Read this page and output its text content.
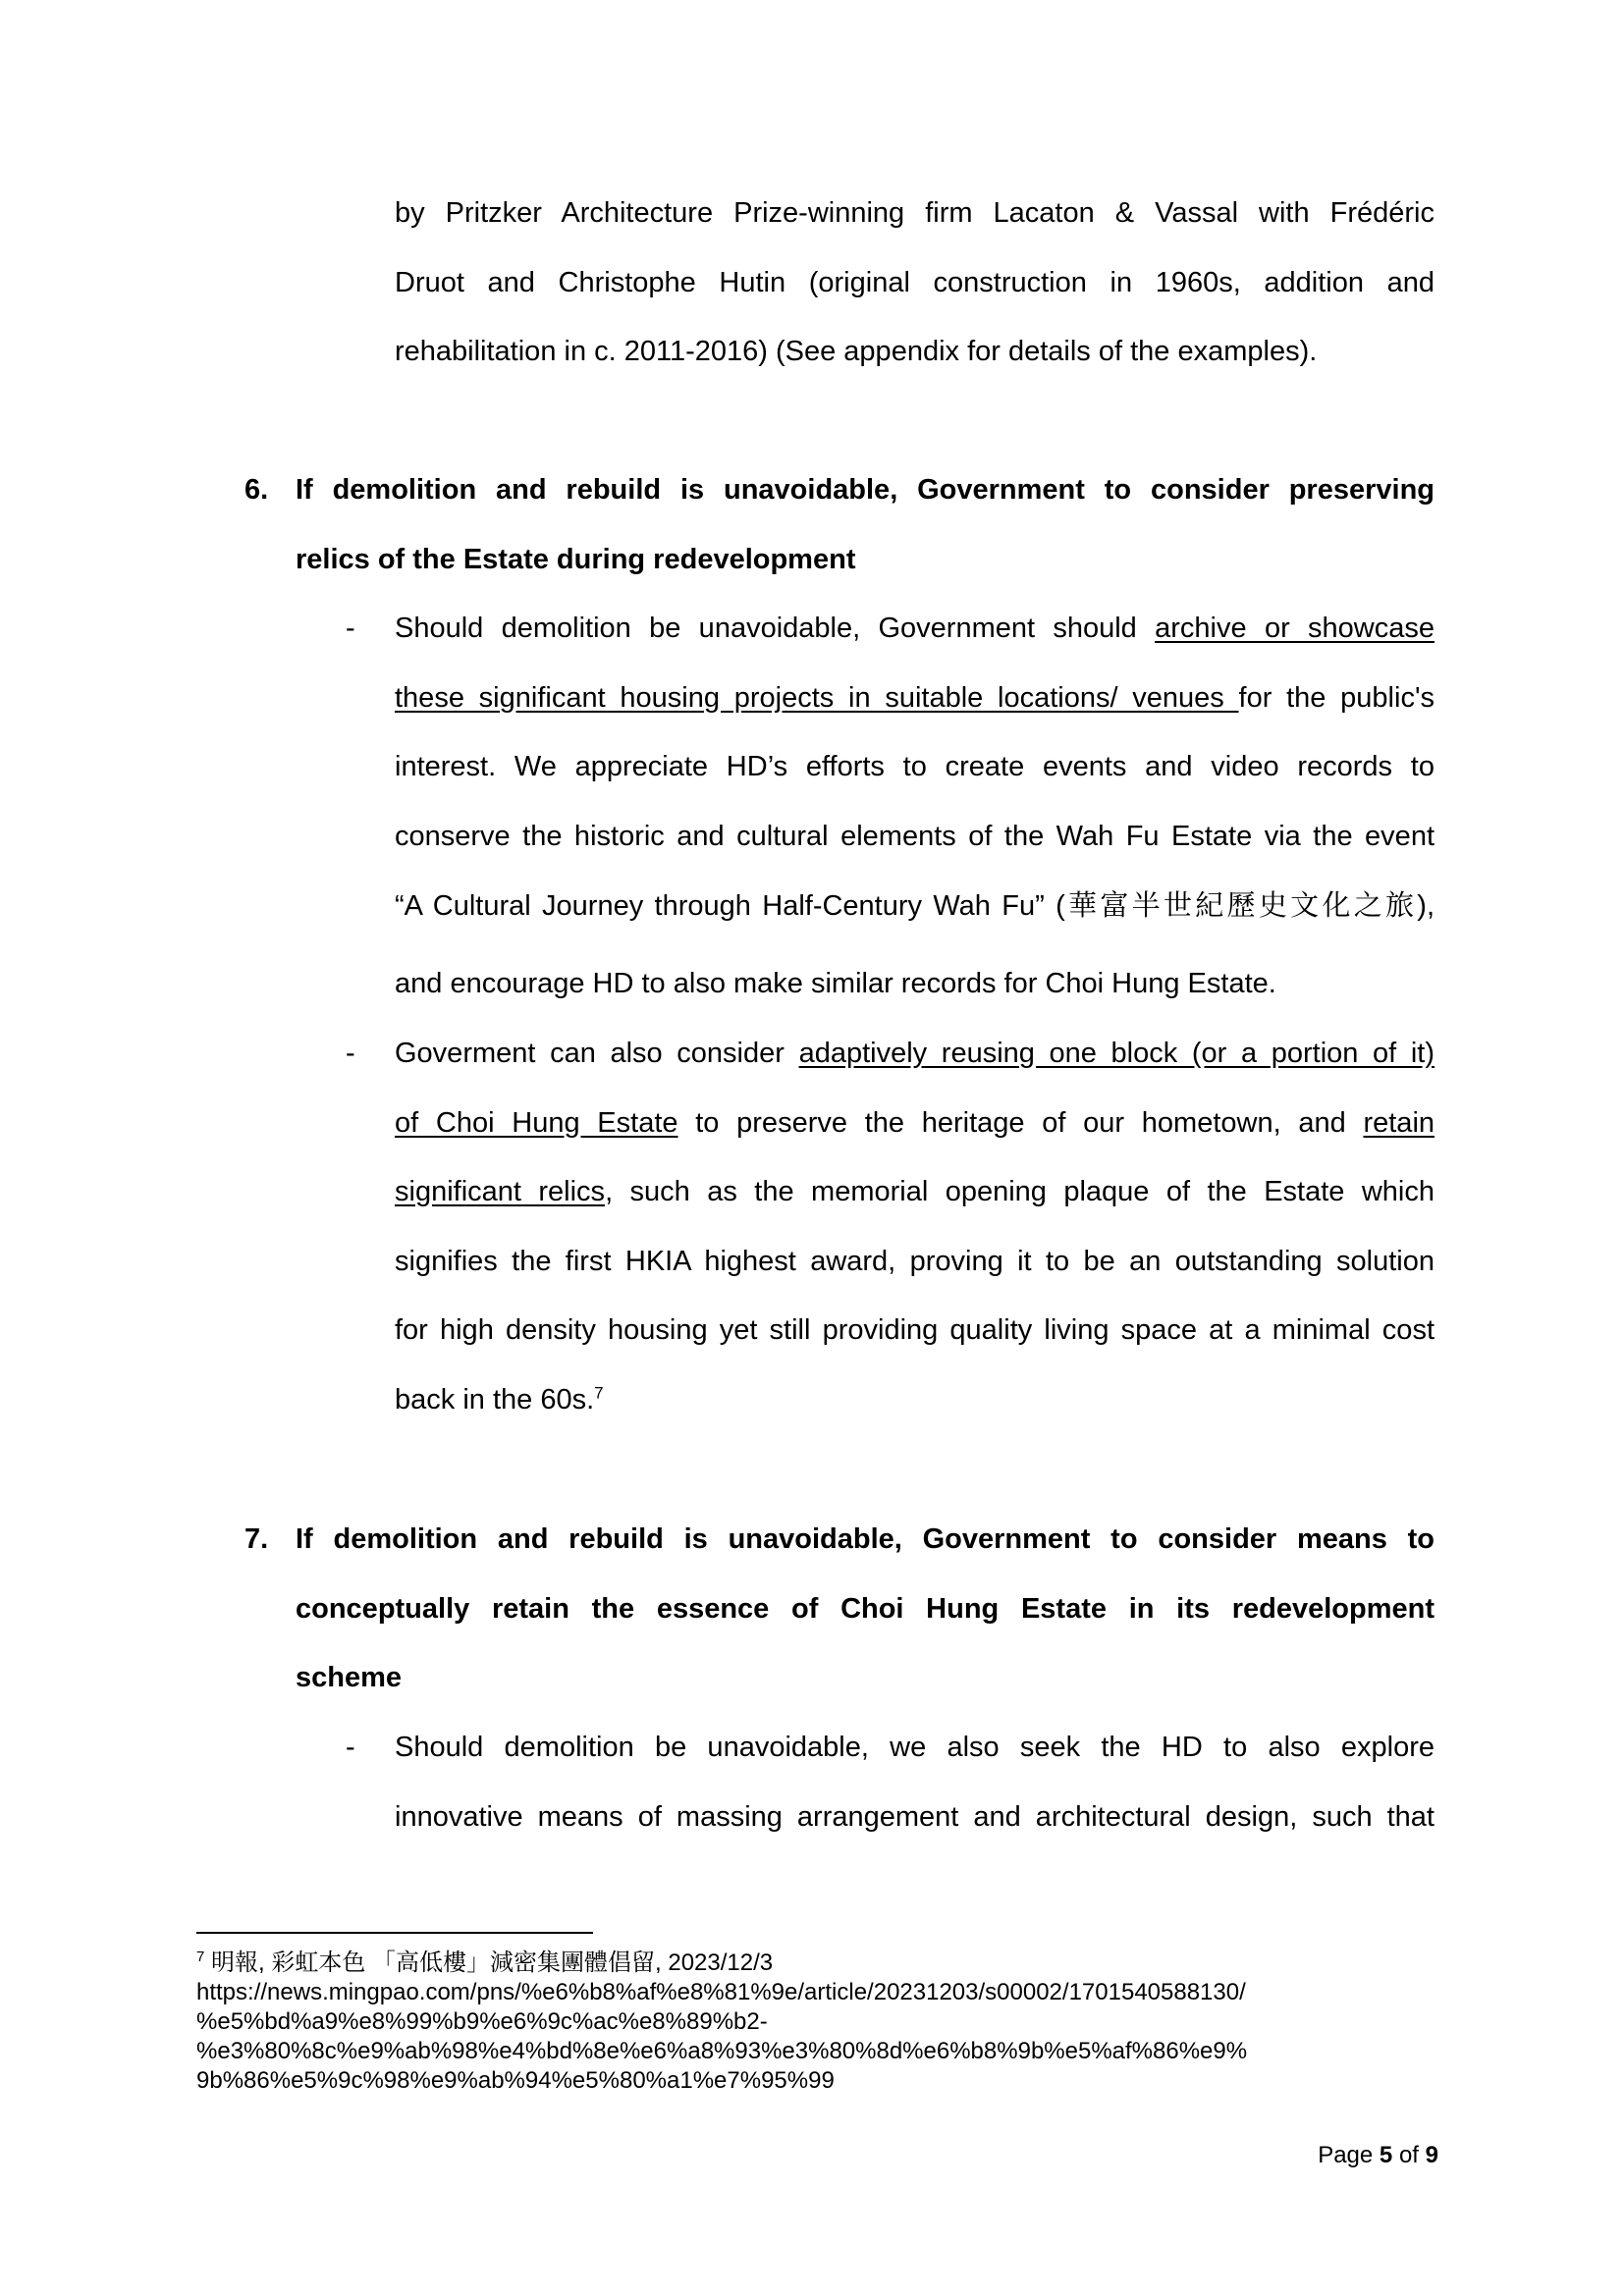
by Pritzker Architecture Prize-winning firm Lacaton & Vassal with Frédéric

Druot and Christophe Hutin (original construction in 1960s, addition and

rehabilitation in c. 2011-2016) (See appendix for details of the examples).

6. If demolition and rebuild is unavoidable, Government to consider preserving

relics of the Estate during redevelopment

- Should demolition be unavoidable, Government should archive or showcase

these significant housing projects in suitable locations/ venues for the public's

interest. We appreciate HD’s efforts to create events and video records to

conserve the historic and cultural elements of the Wah Fu Estate via the event

“A Cultural Journey through Half-Century Wah Fu” (華富半世紀歷史文化之旅),

and encourage HD to also make similar records for Choi Hung Estate.

- Goverment can also consider adaptively reusing one block (or a portion of it)

of Choi Hung Estate to preserve the heritage of our hometown, and retain

significant relics, such as the memorial opening plaque of the Estate which

signifies the first HKIA highest award, proving it to be an outstanding solution

for high density housing yet still providing quality living space at a minimal cost

back in the 60s.$^7$

7. If demolition and rebuild is unavoidable, Government to consider means to

conceptually retain the essence of Choi Hung Estate in its redevelopment

scheme

- Should demolition be unavoidable, we also seek the HD to also explore

innovative means of massing arrangement and architectural design, such that

$^7$ 明報, 彩虹本色 「高低樓」減密集團體倡留, 2023/12/3

https://news.mingpao.com/pns/%e6%b8%af%e8%81%9e/article/20231203/s00002/1701540588130/

%e5%bd%a9%e8%99%b9%e6%9c%ac%e8%89%b2-

%e3%80%8c%e9%ab%98%e4%bd%8e%e6%a8%93%e3%80%8d%e6%b8%9b%e5%af%86%e9%

9b%86%e5%9c%98%e9%ab%94%e5%80%a1%e7%95%99

Page 5 of 9
